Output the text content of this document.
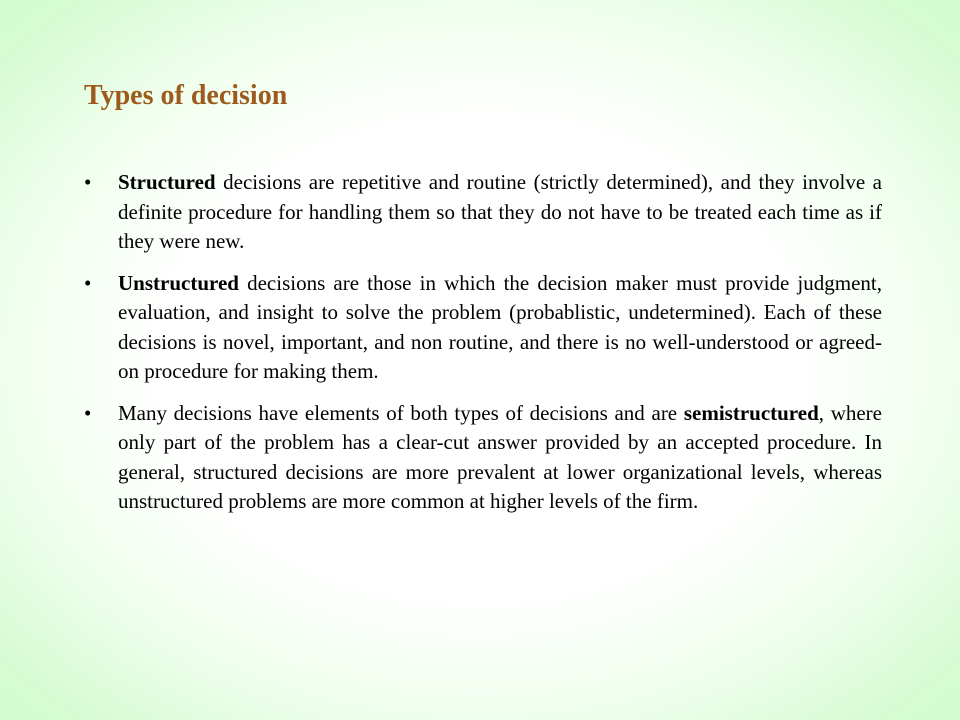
Types of decision
• Structured decisions are repetitive and routine (strictly determined), and they involve a definite procedure for handling them so that they do not have to be treated each time as if they were new.
• Unstructured decisions are those in which the decision maker must provide judgment, evaluation, and insight to solve the problem (probablistic, undetermined). Each of these decisions is novel, important, and non routine, and there is no well-understood or agreed-on procedure for making them.
• Many decisions have elements of both types of decisions and are semistructured, where only part of the problem has a clear-cut answer provided by an accepted procedure. In general, structured decisions are more prevalent at lower organizational levels, whereas unstructured problems are more common at higher levels of the firm.
